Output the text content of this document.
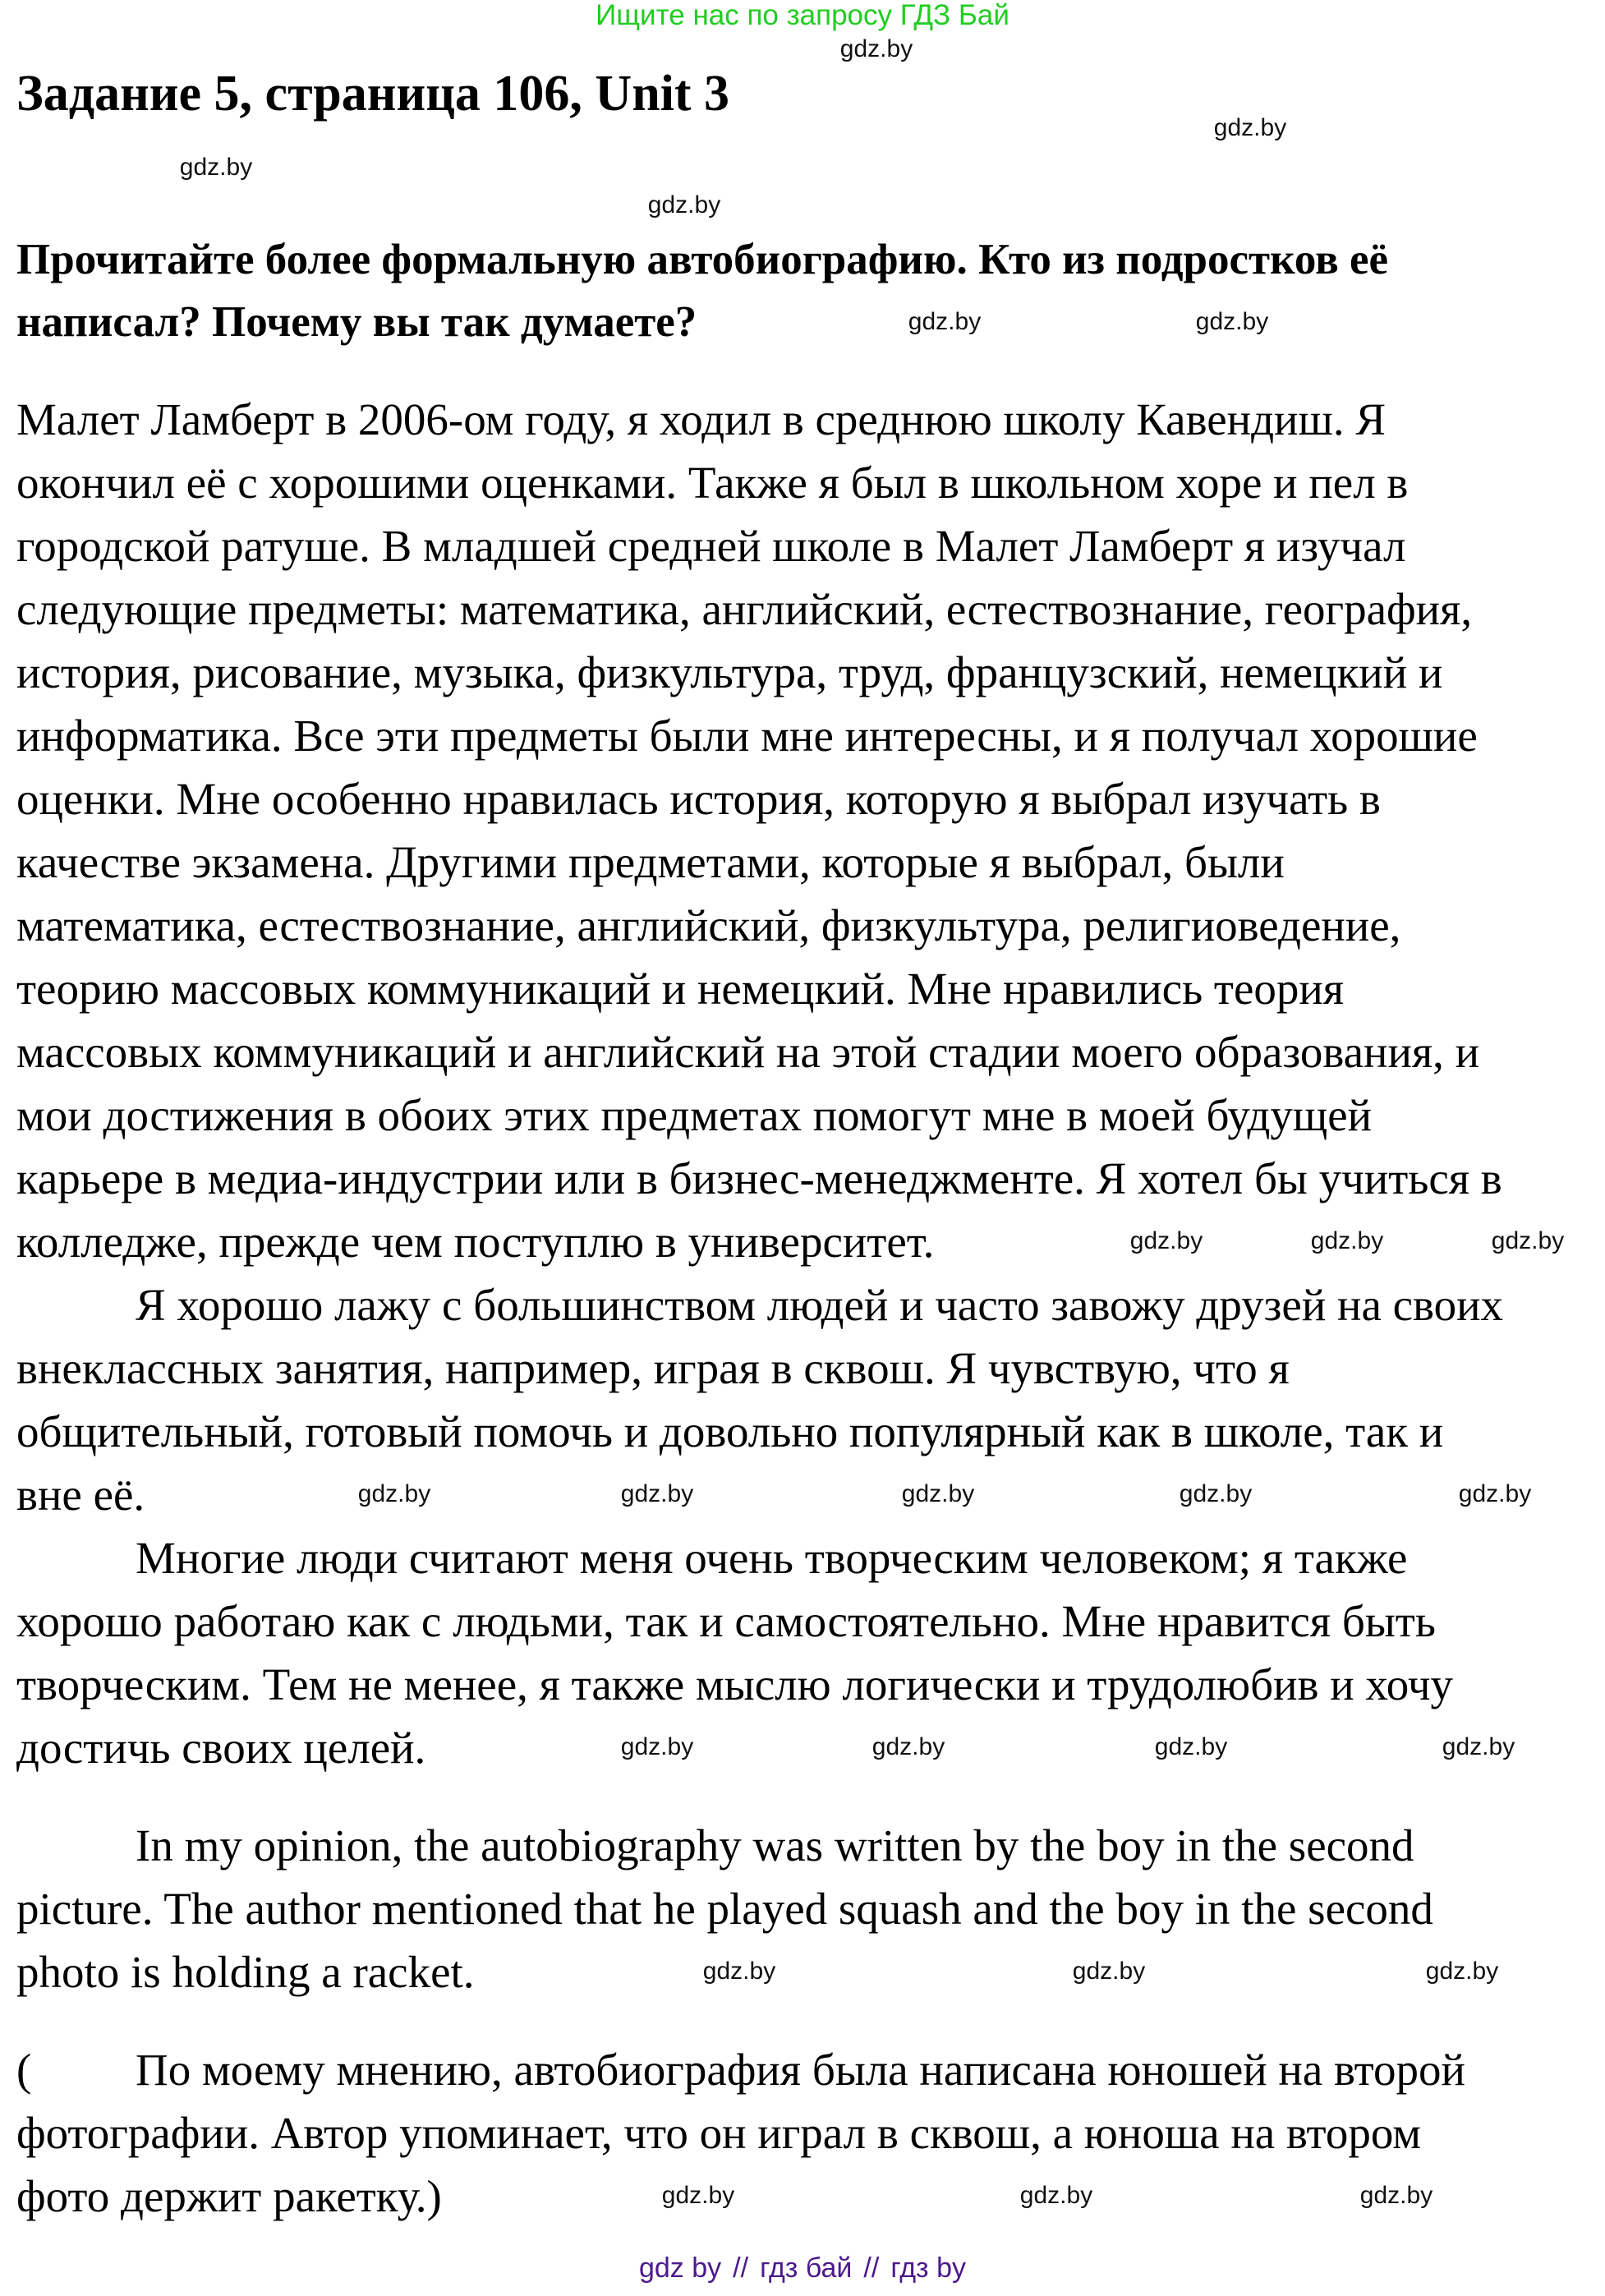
Ищите нас по запросу ГДЗ Бай
Задание 5, страница 106, Unit 3
Прочитайте более формальную автобиографию. Кто из подростков её
написал? Почему вы так думаете?
Малет Ламберт в 2006-ом году, я ходил в среднюю школу Кавендиш. Я
окончил её с хорошими оценками. Также я был в школьном хоре и пел в
городской ратуше. В младшей средней школе в Малет Ламберт я изучал
следующие предметы: математика, английский, естествознание, география,
история, рисование, музыка, физкультура, труд, французский, немецкий и
информатика. Все эти предметы были мне интересны, и я получал хорошие
оценки. Мне особенно нравилась история, которую я выбрал изучать в
качестве экзамена. Другими предметами, которые я выбрал, были
математика, естествознание, английский, физкультура, религиоведение,
теорию массовых коммуникаций и немецкий. Мне нравились теория
массовых коммуникаций и английский на этой стадии моего образования, и
мои достижения в обоих этих предметах помогут мне в моей будущей
карьере в медиа-индустрии или в бизнес-менеджменте. Я хотел бы учиться в
колледже, прежде чем поступлю в университет.
Я хорошо лажу с большинством людей и часто завожу друзей на своих
внеклассных занятия, например, играя в сквош. Я чувствую, что я
общительный, готовый помочь и довольно популярный как в школе, так и
вне её.
Многие люди считают меня очень творческим человеком; я также
хорошо работаю как с людьми, так и самостоятельно. Мне нравится быть
творческим. Тем не менее, я также мыслю логически и трудолюбив и хочу
достичь своих целей.
In my opinion, the autobiography was written by the boy in the second
picture. The author mentioned that he played squash and the boy in the second
photo is holding a racket.
( По моему мнению, автобиография была написана юношей на второй
фотографии. Автор упоминает, что он играл в сквош, а юноша на втором
фото держит ракетку.)
gdz.by
gdz.by
gdz.by
gdz.by
gdz.by	gdz.by
gdz.by	gdz.by	gdz.by
gdz.by	gdz.by	gdz.by	gdz.by	gdz.by
gdz.by	gdz.by	gdz.by	gdz.by
gdz.by	gdz.by	gdz.by
gdz.by	gdz.by	gdz.by
gdz by // гдз бай // гдз by
